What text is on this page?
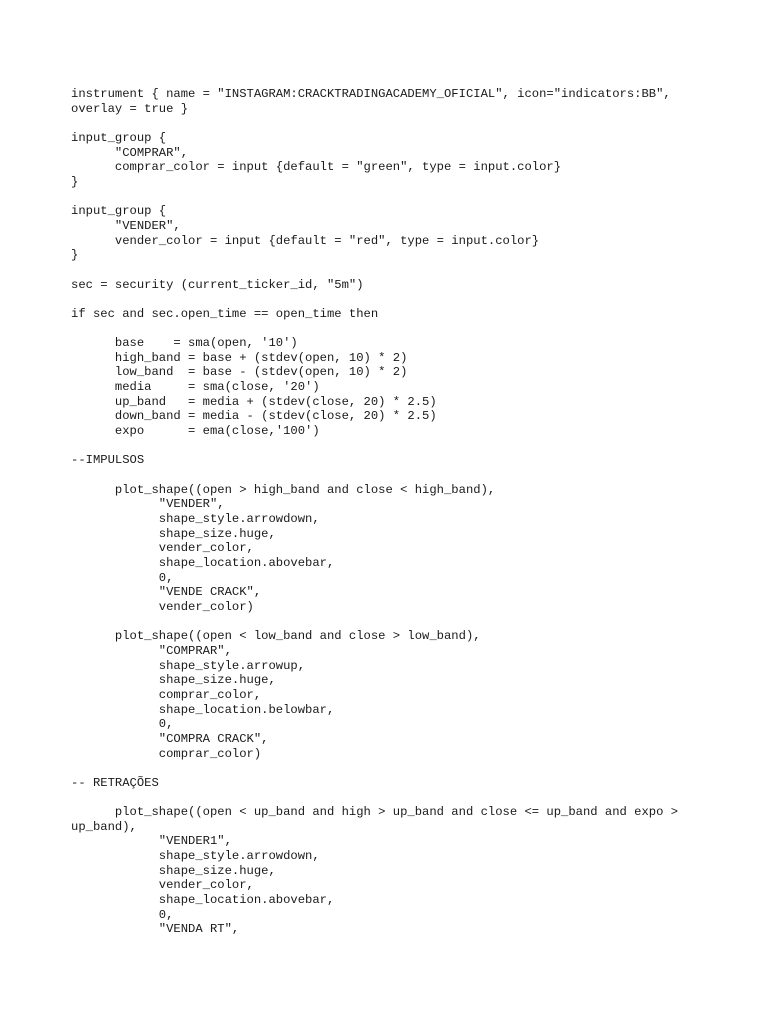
instrument { name = "INSTAGRAM:CRACKTRADINGACADEMY_OFICIAL", icon="indicators:BB",
overlay = true }
input_group {
"COMPRAR",
comprar_color = input {default = "green", type = input.color}
}
input_group {
"VENDER",
vender_color = input {default = "red", type = input.color}
}
sec = security (current_ticker_id, "5m")
if sec and sec.open_time == open_time then
base    = sma(open, '10')
high_band = base + (stdev(open, 10) * 2)
low_band  = base - (stdev(open, 10) * 2)
media     = sma(close, '20')
up_band   = media + (stdev(close, 20) * 2.5)
down_band = media - (stdev(close, 20) * 2.5)
expo      = ema(close,'100')
--IMPULSOS
plot_shape((open > high_band and close < high_band),
"VENDER",
shape_style.arrowdown,
shape_size.huge,
vender_color,
shape_location.abovebar,
0,
"VENDE CRACK",
vender_color)
plot_shape((open < low_band and close > low_band),
"COMPRAR",
shape_style.arrowup,
shape_size.huge,
comprar_color,
shape_location.belowbar,
0,
"COMPRA CRACK",
comprar_color)
-- RETRAÇÕES
plot_shape((open < up_band and high > up_band and close <= up_band and expo >
up_band),
"VENDER1",
shape_style.arrowdown,
shape_size.huge,
vender_color,
shape_location.abovebar,
0,
"VENDA RT",
